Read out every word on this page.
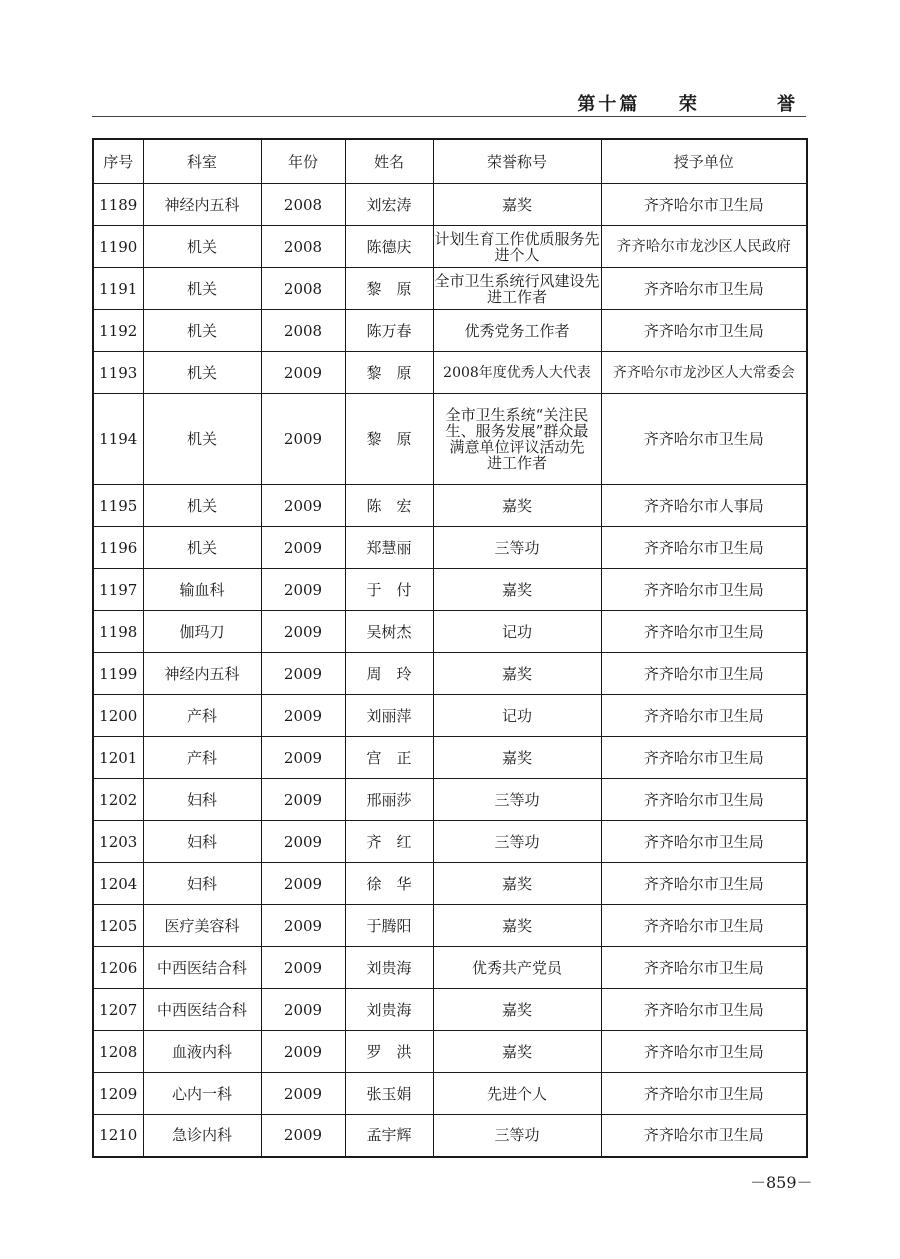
第十篇  荣    誉
序号	科室	年份	姓名	荣誉称号	授予单位
1189	神经内五科	2008	刘宏涛	嘉奖	齐齐哈尔市卫生局
1190	机关	2008	陈德庆	计划生育工作优质服务先进个人	齐齐哈尔市龙沙区人民政府
1191	机关	2008	黎　原	全市卫生系统行风建设先进工作者	齐齐哈尔市卫生局
1192	机关	2008	陈万春	优秀党务工作者	齐齐哈尔市卫生局
1193	机关	2009	黎　原	2008年度优秀人大代表	齐齐哈尔市龙沙区人大常委会
1194	机关	2009	黎　原	全市卫生系统“关注民生、服务发展”群众最满意单位评议活动先进工作者	齐齐哈尔市卫生局
1195	机关	2009	陈　宏	嘉奖	齐齐哈尔市人事局
1196	机关	2009	郑慧丽	三等功	齐齐哈尔市卫生局
1197	输血科	2009	于　付	嘉奖	齐齐哈尔市卫生局
1198	伽玛刀	2009	吴树杰	记功	齐齐哈尔市卫生局
1199	神经内五科	2009	周　玲	嘉奖	齐齐哈尔市卫生局
1200	产科	2009	刘丽萍	记功	齐齐哈尔市卫生局
1201	产科	2009	宫　正	嘉奖	齐齐哈尔市卫生局
1202	妇科	2009	邢丽莎	三等功	齐齐哈尔市卫生局
1203	妇科	2009	齐　红	三等功	齐齐哈尔市卫生局
1204	妇科	2009	徐　华	嘉奖	齐齐哈尔市卫生局
1205	医疗美容科	2009	于腾阳	嘉奖	齐齐哈尔市卫生局
1206	中西医结合科	2009	刘贵海	优秀共产党员	齐齐哈尔市卫生局
1207	中西医结合科	2009	刘贵海	嘉奖	齐齐哈尔市卫生局
1208	血液内科	2009	罗　洪	嘉奖	齐齐哈尔市卫生局
1209	心内一科	2009	张玉娟	先进个人	齐齐哈尔市卫生局
1210	急诊内科	2009	孟宇辉	三等功	齐齐哈尔市卫生局
－859－
